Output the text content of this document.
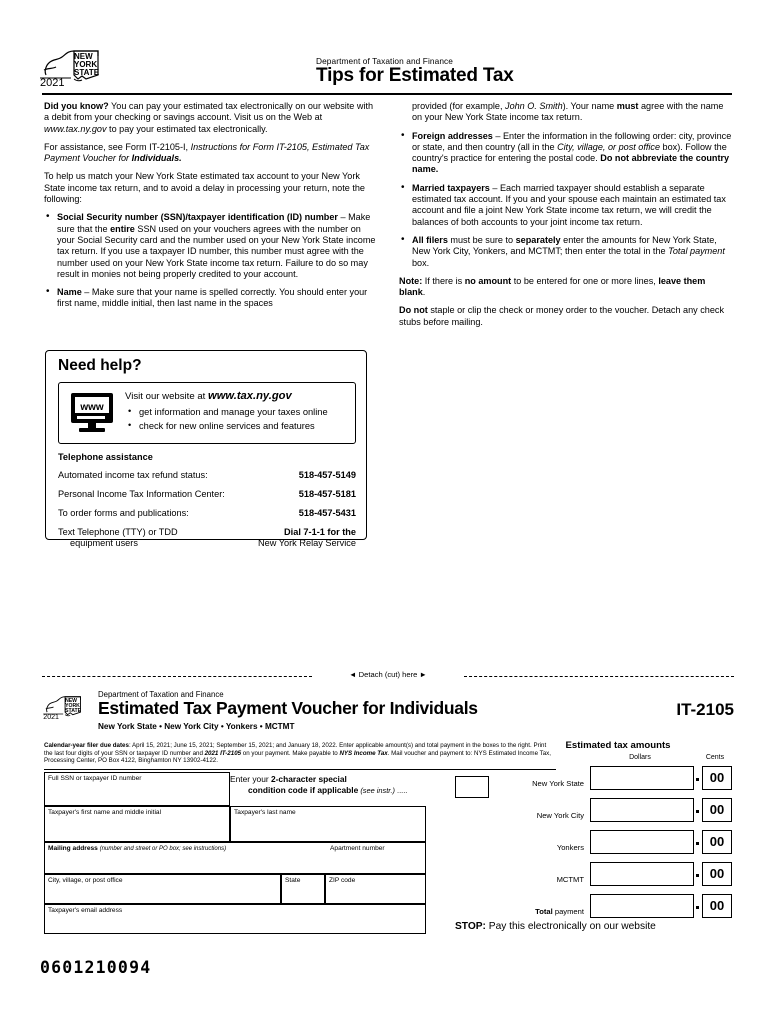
NEW
YORK
STATE
2021
Department of Taxation and Finance
Tips for Estimated Tax

Did you know? You can pay your estimated tax electronically on our website with a debit from your checking or savings account. Visit us on the Web at www.tax.ny.gov to pay your estimated tax electronically.

For assistance, see Form IT-2105-I, Instructions for Form IT-2105, Estimated Tax Payment Voucher for Individuals.

To help us match your New York State estimated tax account to your New York State income tax return, and to avoid a delay in processing your return, note the following:

• Social Security number (SSN)/taxpayer identification (ID) number – Make sure that the entire SSN used on your vouchers agrees with the number on your Social Security card and the number used on your New York State income tax return. If you use a taxpayer ID number, this number must agree with the number used on your New York State income tax return. Failure to do so may result in monies not being properly credited to your account.
• Name – Make sure that your name is spelled correctly. You should enter your first name, middle initial, then last name in the spaces

provided (for example, John O. Smith). Your name must agree with the name on your New York State income tax return.

• Foreign addresses – Enter the information in the following order: city, province or state, and then country (all in the City, village, or post office box). Follow the country's practice for entering the postal code. Do not abbreviate the country name.
• Married taxpayers – Each married taxpayer should establish a separate estimated tax account. If you and your spouse each maintain an estimated tax account and file a joint New York State income tax return, we will credit the balances of both accounts to your joint income tax return.
• All filers must be sure to separately enter the amounts for New York State, New York City, Yonkers, and MCTMT; then enter the total in the Total payment box.

Note: If there is no amount to be entered for one or more lines, leave them blank.

Do not staple or clip the check or money order to the voucher. Detach any check stubs before mailing.

Need help?
www
Visit our website at www.tax.ny.gov
• get information and manage your taxes online
• check for new online services and features
Telephone assistance
Automated income tax refund status:	518-457-5149
Personal Income Tax Information Center:	518-457-5181
To order forms and publications:	518-457-5431
Text Telephone (TTY) or TDD	Dial 7-1-1 for the
equipment users	New York Relay Service
◄ Detach (cut) here ►
NEW
YORK
STATE
2021
Department of Taxation and Finance
Estimated Tax Payment Voucher for Individuals
New York State • New York City • Yonkers • MCTMT
IT-2105
Calendar-year filer due dates: April 15, 2021; June 15, 2021; September 15, 2021; and January 18, 2022. Enter applicable amount(s) and total payment in the boxes to the right. Print the last four digits of your SSN or taxpayer ID number and 2021 IT-2105 on your payment. Make payable to NYS Income Tax. Mail voucher and payment to: NYS Estimated Income Tax, Processing Center, PO Box 4122, Binghamton NY 13902-4122.
Enter your 2-character special
condition code if applicable (see instr.) .....
Full SSN or taxpayer ID number
Taxpayer's first name and middle initial	Taxpayer's last name
Mailing address (number and street or PO box; see instructions)	Apartment number
City, village, or post office	State	ZIP code
Taxpayer's email address
Estimated tax amounts
Dollars	Cents
New York State	00
New York City	00
Yonkers	00
MCTMT	00
Total payment	00
STOP: Pay this electronically on our website
0601210094
